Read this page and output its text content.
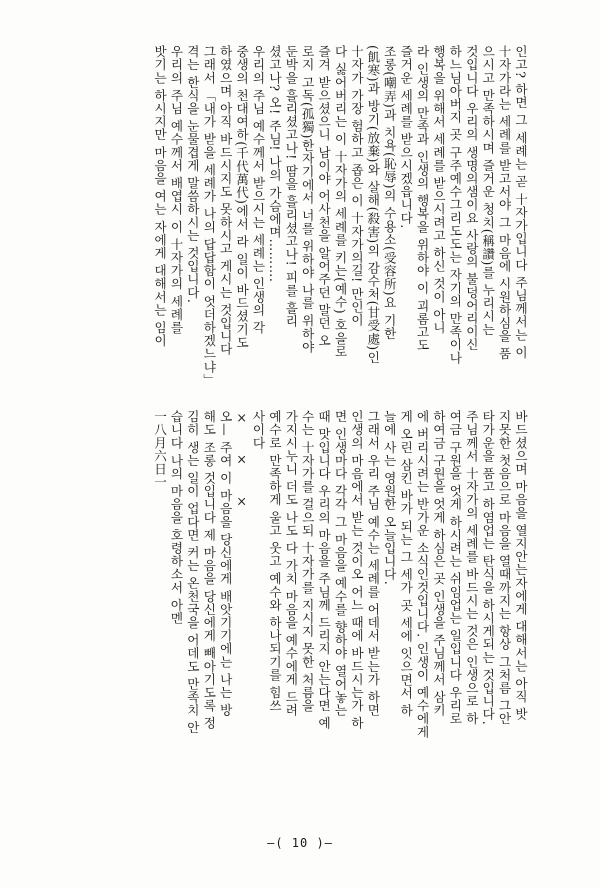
인고? 하면 그 세례는 곧 十자가입니다 주님께서는 이
十자가라는 세례를 받고서야 그 마음에 시원하심을 품
으시고 만족하시며 즐거운 청치(稱讚)를 누리시는
것입니다 우리의 생명의샘이요 사랑의 불덩어리이신
하느님아버지 곳 구주예수그리도도는 자기의 만족이나
행복을 위해서 세례를 받으시려고 하신 것이 아니
라 인생의 만족과 인생의 행복을 위하야 이 괴롬고도
즐거운 세례를 받으시겠읍니다.
조롱(嘲弄)과 치욕(恥辱)의 수용소(受容所)요 기한
(飢寒)과 방기(放棄)와 살해(殺害)의 감수처(甘受處)인
十자가 가장 험하고 좁은 이 十자가의길! 만인이
다 싫어버리는 이 十자가의 세례를 키는(예수) 호을로
즐겨 받으셨으니 남이야 어사천을 알어주던 말던 오
로지 고독(孤獨)한자기에서 너를 위하야 나를 위하야
둔박을 흘리셨고나! 땀을 흘리셨고나! 피를 흘리
셨고나? 오! 주님! 나의 가슴에며……….
우리의 주님 예수께서 받으시는 세례는 인생의 각
중생의 천대여하(千代萬代)에서 라 일이 바드셨기도
하였으며 아직 바드시지도 못하시고 게시는 것입니다
그래서 「내가 받을 세례가 나의 답답함이 엇더하겠느냐」
격는 한식을 눈물겹게 말씀하시는 것입니다.
우리의 주님 예수께서 배엽시 이 十자가의 세례를
밧기는 하시지만 마음을 여는 자에게 대해서는 임이
바드셨으며 마음을 열지안는자에게 대해서는 아직 밧
지못한 첫음으로 마음을 열때까지는 항상 그처름 그안
타가운을 품고 하염업는 탄식을 하시게되는 것입니다.
주님께서 十자가의 세례를 바드시는 것은 인생으로 하
여금 구원을 엇게 하시려는 쉬임업는 일입니다 우리로
하여금 구원을 엇게 하심은 곳 인생을 주님께서 삼키
에 버리시려는 반가운 소식인것입니다. 인생이 예수에게
게 오린 삼킨 바가 되는 그 세가 곳 세에 잇으면서 하
늘에 사는 영원한 오늘입니다.
그래서 우리 주님 예수는 세례를 어데서 받는가 하면
인생의 마음에서 받는 것이오 어느 때에 바드시는가 하
면 인생마다 각각 그 마음을 예수를 향하야 열어놓는
때 맛입니다 우리의 마음을 주님께 드리지 안는다면 예
수는 十자가를 걸으되 十자가를 지시지 못한 처름을
가지시누니 더도 나도 다 가치 마음을 예수에게 드려
예수로 만족하게 울고 웃고 예수와 하나되기를 힘쓰
사이다
×　　×　　×
오— 주여 이 마음을 당신에게 배앗기기에는 나는 방
해도 조롱 것입니다 제 마음을 당신에게 빼아기도록 정
김히 생는 일이 업다면 커는 온천국을 어데도 만족치 안
습니다 나의 마음을 호령하소서 아멘
一八月六日一
—( 10 )—
